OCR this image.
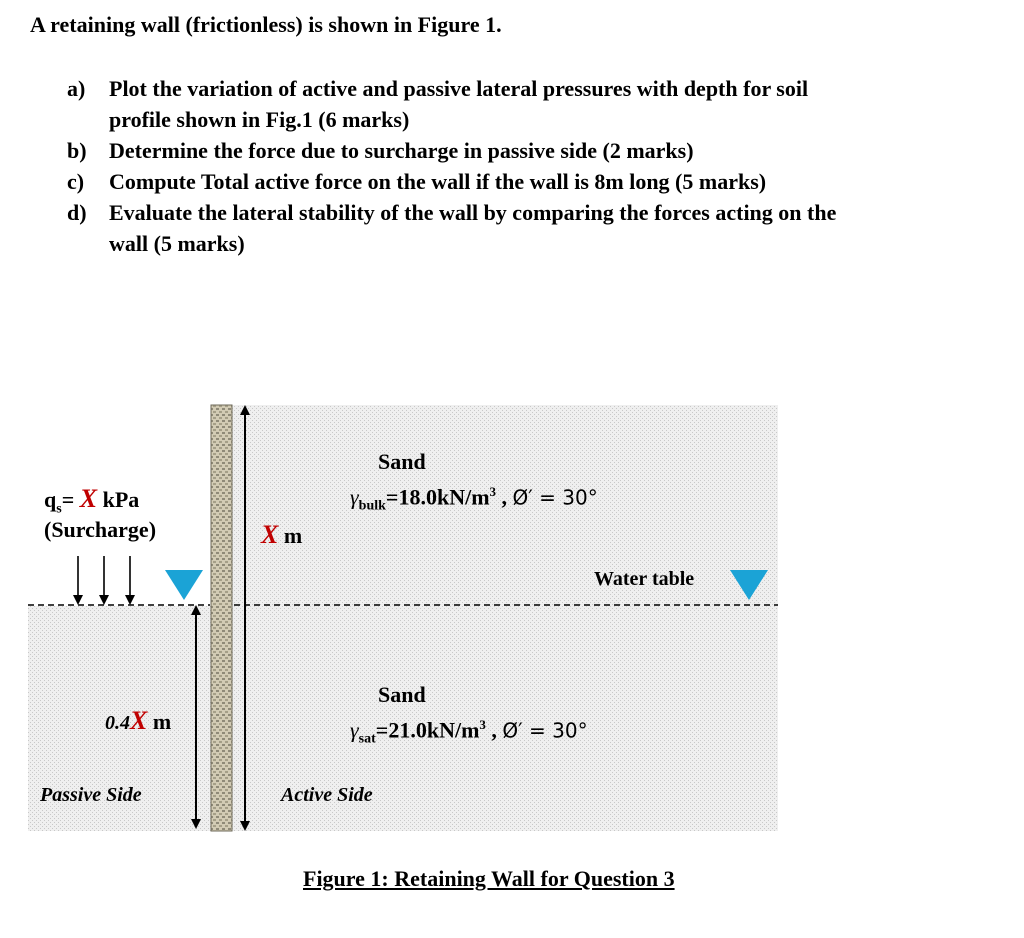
A retaining wall (frictionless) is shown in Figure 1.
a) Plot the variation of active and passive lateral pressures with depth for soil
profile shown in Fig.1 (6 marks)
b) Determine the force due to surcharge in passive side (2 marks)
c) Compute Total active force on the wall if the wall is 8m long (5 marks)
d) Evaluate the lateral stability of the wall by comparing the forces acting on the
wall (5 marks)
$q_s= X$ kPa
(Surcharge)	X m
0.4X m
Sand
$\gamma_{bulk}=18.0kN/m^3$ , Ø′ = 30°
Water table
Sand
$\gamma_{sat}=21.0kN/m^3$ , Ø′ = 30°
Passive Side	Active Side
Figure 1: Retaining Wall for Question 3
